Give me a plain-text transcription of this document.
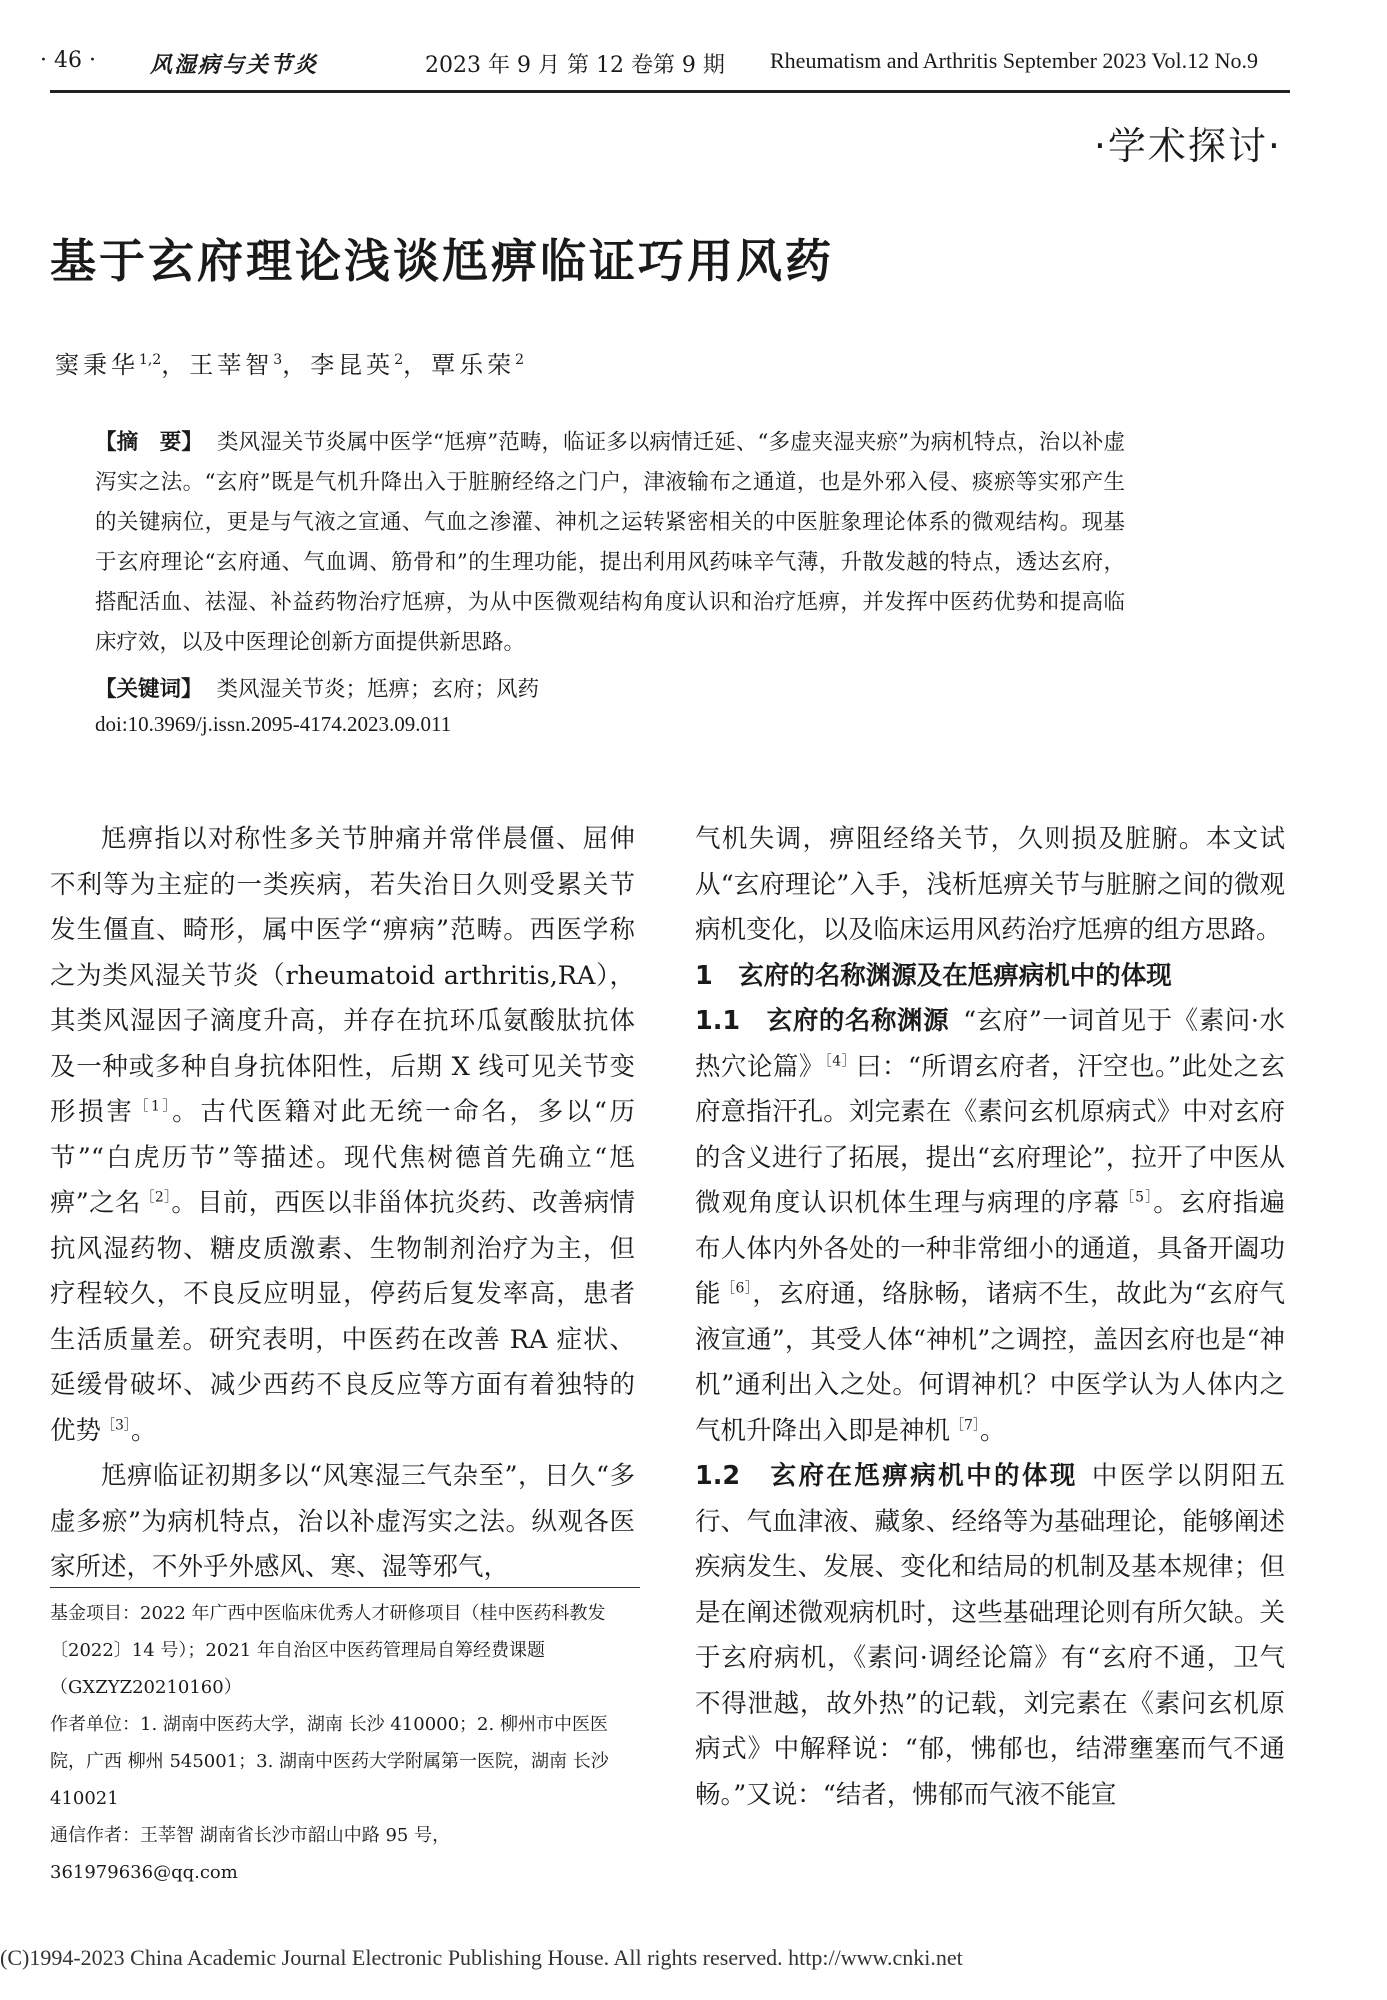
· 46 · 风湿病与关节炎	2023 年 9 月 第 12 卷第 9 期 Rheumatism and Arthritis September 2023 Vol.12 No.9
·学术探讨·
基于玄府理论浅谈尪痹临证巧用风药
窦秉华$^{1,2}$，王莘智$^3$，李昆英$^2$，覃乐荣$^2$
【摘　要】 类风湿关节炎属中医学“尪痹”范畴，临证多以病情迁延、“多虚夹湿夹瘀”为病机特点，治以补虚泻实之法。“玄府”既是气机升降出入于脏腑经络之门户，津液输布之通道，也是外邪入侵、痰瘀等实邪产生的关键病位，更是与气液之宣通、气血之渗灌、神机之运转紧密相关的中医脏象理论体系的微观结构。现基于玄府理论“玄府通、气血调、筋骨和”的生理功能，提出利用风药味辛气薄，升散发越的特点，透达玄府，搭配活血、祛湿、补益药物治疗尪痹，为从中医微观结构角度认识和治疗尪痹，并发挥中医药优势和提高临床疗效，以及中医理论创新方面提供新思路。
【关键词】 类风湿关节炎；尪痹；玄府；风药
doi:10.3969/j.issn.2095-4174.2023.09.011

尪痹指以对称性多关节肿痛并常伴晨僵、屈伸不利等为主症的一类疾病，若失治日久则受累关节发生僵直、畸形，属中医学“痹病”范畴。西医学称之为类风湿关节炎（rheumatoid arthritis,RA），其类风湿因子滴度升高，并存在抗环瓜氨酸肽抗体及一种或多种自身抗体阳性，后期 X 线可见关节变形损害$^{[1]}$。古代医籍对此无统一命名，多以“历节”“白虎历节”等描述。现代焦树德首先确立“尪痹”之名$^{[2]}$。目前，西医以非甾体抗炎药、改善病情抗风湿药物、糖皮质激素、生物制剂治疗为主，但疗程较久，不良反应明显，停药后复发率高，患者生活质量差。研究表明，中医药在改善 RA 症状、延缓骨破坏、减少西药不良反应等方面有着独特的优势$^{[3]}$。

尪痹临证初期多以“风寒湿三气杂至”，日久“多虚多瘀”为病机特点，治以补虚泻实之法。纵观各医家所述，不外乎外感风、寒、湿等邪气，

气机失调，痹阻经络关节，久则损及脏腑。本文试从“玄府理论”入手，浅析尪痹关节与脏腑之间的微观病机变化，以及临床运用风药治疗尪痹的组方思路。

1　玄府的名称渊源及在尪痹病机中的体现

1.1　玄府的名称渊源 “玄府”一词首见于《素问·水热穴论篇》$^{[4]}$曰：“所谓玄府者，汗空也。”此处之玄府意指汗孔。刘完素在《素问玄机原病式》中对玄府的含义进行了拓展，提出“玄府理论”，拉开了中医从微观角度认识机体生理与病理的序幕$^{[5]}$。玄府指遍布人体内外各处的一种非常细小的通道，具备开阖功能$^{[6]}$，玄府通，络脉畅，诸病不生，故此为“玄府气液宣通”，其受人体“神机”之调控，盖因玄府也是“神机”通利出入之处。何谓神机？中医学认为人体内之气机升降出入即是神机$^{[7]}$。

1.2　玄府在尪痹病机中的体现 中医学以阴阳五行、气血津液、藏象、经络等为基础理论，能够阐述疾病发生、发展、变化和结局的机制及基本规律；但是在阐述微观病机时，这些基础理论则有所欠缺。关于玄府病机，《素问·调经论篇》有“玄府不通，卫气不得泄越，故外热”的记载，刘完素在《素问玄机原病式》中解释说：“郁，怫郁也，结滞壅塞而气不通畅。”又说：“结者，怫郁而气液不能宣

基金项目：2022 年广西中医临床优秀人才研修项目（桂中医药科教发〔2022〕14 号）；2021 年自治区中医药管理局自筹经费课题（GXZYZ20210160）

作者单位：1. 湖南中医药大学，湖南 长沙 410000；2. 柳州市中医医院，广西 柳州 545001；3. 湖南中医药大学附属第一医院，湖南 长沙 410021

通信作者：王莘智 湖南省长沙市韶山中路 95 号，361979636@qq.com

(C)1994-2023 China Academic Journal Electronic Publishing House. All rights reserved. http://www.cnki.net
